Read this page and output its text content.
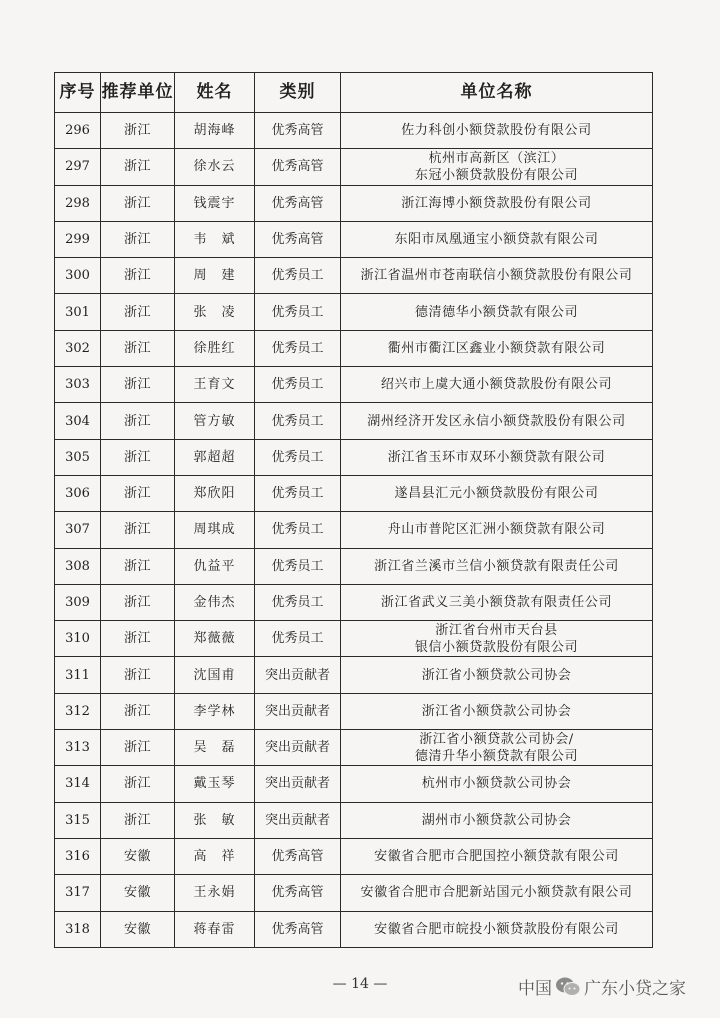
序号	推荐单位	姓名	类别	单位名称
296	浙江	胡海峰	优秀高管	佐力科创小额贷款股份有限公司

297	浙江	徐水云	优秀高管	杭州市高新区（滨江）
东冠小额贷款股份有限公司

298	浙江	钱震宇	优秀高管	浙江海博小额贷款股份有限公司

299	浙江	韦　斌	优秀高管	东阳市凤凰通宝小额贷款有限公司

300	浙江	周　建	优秀员工	浙江省温州市苍南联信小额贷款股份有限公司

301	浙江	张　凌	优秀员工	德清德华小额贷款有限公司

302	浙江	徐胜红	优秀员工	衢州市衢江区鑫业小额贷款有限公司

303	浙江	王育文	优秀员工	绍兴市上虞大通小额贷款股份有限公司

304	浙江	管方敏	优秀员工	湖州经济开发区永信小额贷款股份有限公司

305	浙江	郭超超	优秀员工	浙江省玉环市双环小额贷款有限公司

306	浙江	郑欣阳	优秀员工	遂昌县汇元小额贷款股份有限公司

307	浙江	周琪成	优秀员工	舟山市普陀区汇洲小额贷款有限公司

308	浙江	仇益平	优秀员工	浙江省兰溪市兰信小额贷款有限责任公司

309	浙江	金伟杰	优秀员工	浙江省武义三美小额贷款有限责任公司

310	浙江	郑薇薇	优秀员工	浙江省台州市天台县
银信小额贷款股份有限公司

311	浙江	沈国甫	突出贡献者	浙江省小额贷款公司协会

312	浙江	李学林	突出贡献者	浙江省小额贷款公司协会

313	浙江	吴　磊	突出贡献者	浙江省小额贷款公司协会/
德清升华小额贷款有限公司

314	浙江	戴玉琴	突出贡献者	杭州市小额贷款公司协会

315	浙江	张　敏	突出贡献者	湖州市小额贷款公司协会

316	安徽	高　祥	优秀高管	安徽省合肥市合肥国控小额贷款有限公司

317	安徽	王永娟	优秀高管	安徽省合肥市合肥新站国元小额贷款有限公司

318	安徽	蒋春雷	优秀高管	安徽省合肥市皖投小额贷款股份有限公司
— 14 —	中国 广东小贷之家
